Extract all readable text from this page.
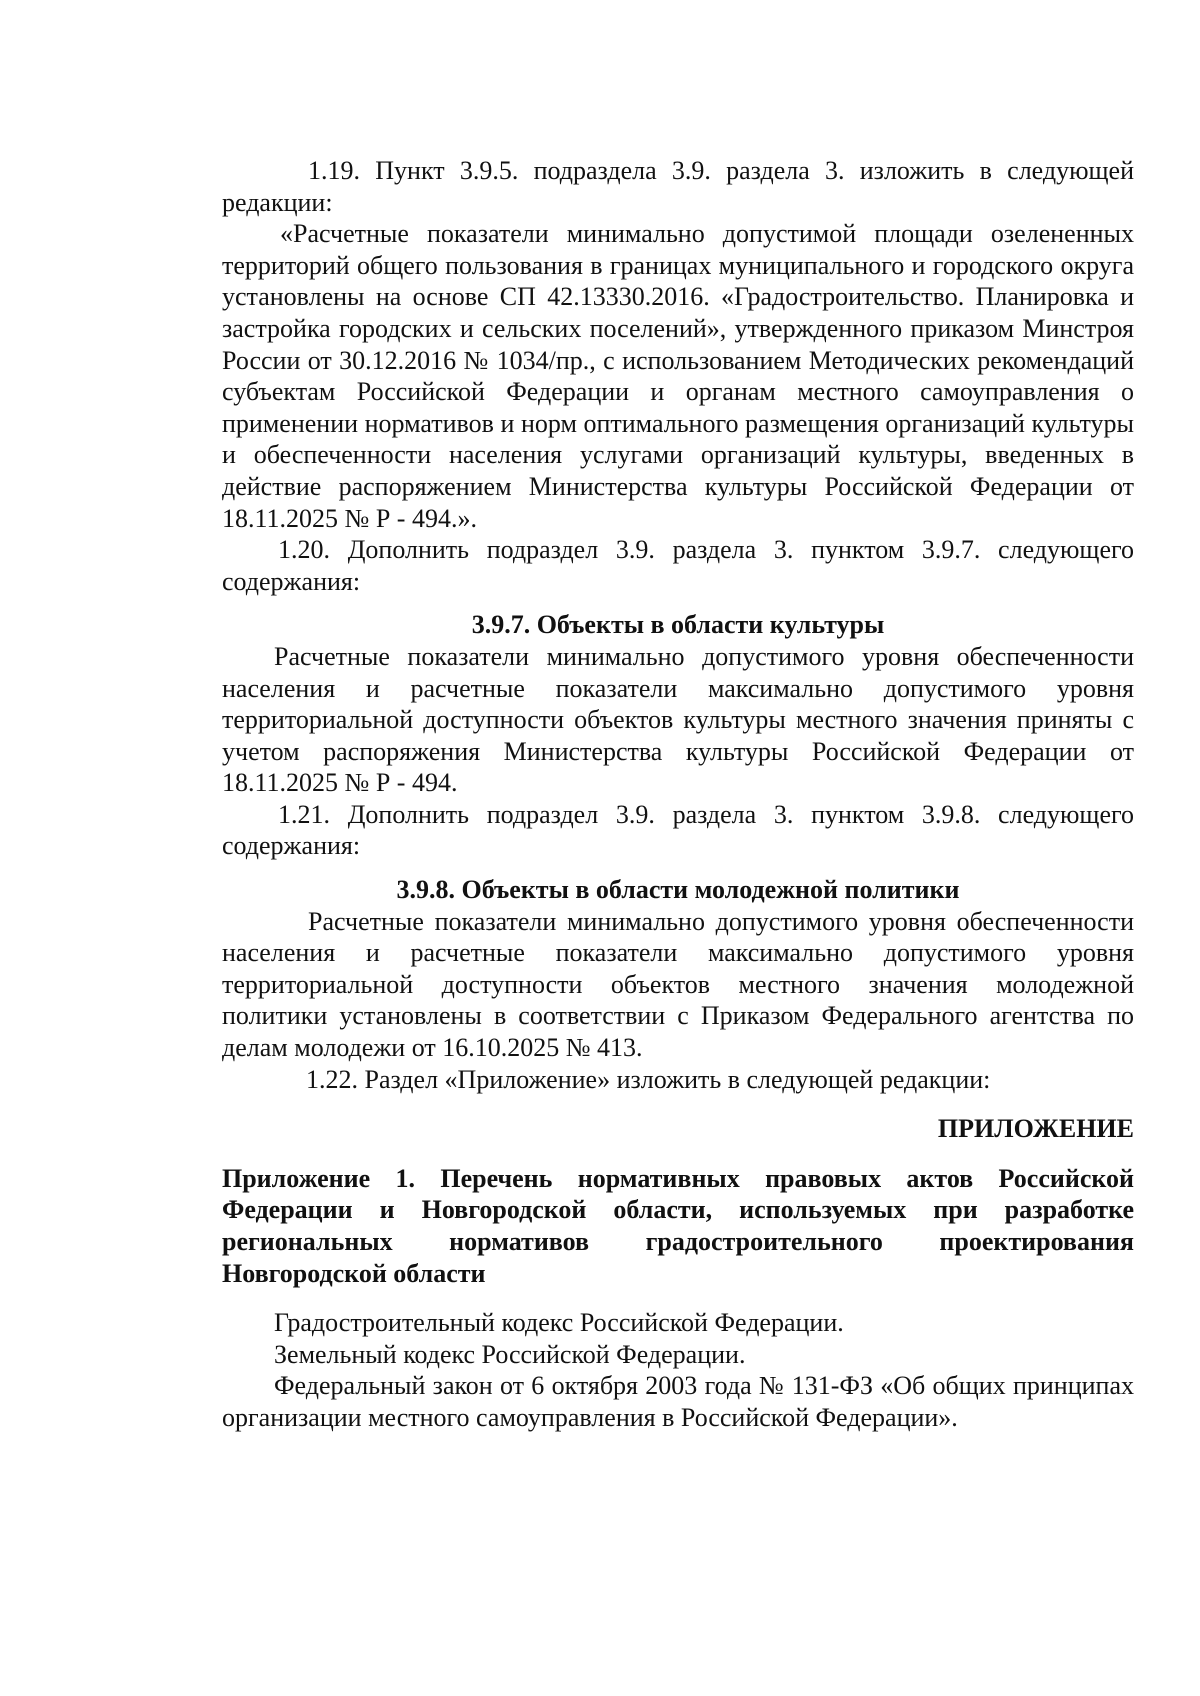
1.19. Пункт 3.9.5. подраздела 3.9. раздела 3. изложить в следующей редакции:

«Расчетные показатели минимально допустимой площади озелененных территорий общего пользования в границах муниципального и городского округа установлены на основе СП 42.13330.2016. «Градостроительство. Планировка и застройка городских и сельских поселений», утвержденного приказом Минстроя России от 30.12.2016 № 1034/пр., с использованием Методических рекомендаций субъектам Российской Федерации и органам местного самоуправления о применении нормативов и норм оптимального размещения организаций культуры и обеспеченности населения услугами организаций культуры, введенных в действие распоряжением Министерства культуры Российской Федерации от 18.11.2025 № Р - 494.».

1.20. Дополнить подраздел 3.9. раздела 3. пунктом 3.9.7. следующего содержания:

3.9.7. Объекты в области культуры

Расчетные показатели минимально допустимого уровня обеспеченности населения и расчетные показатели максимально допустимого уровня территориальной доступности объектов культуры местного значения приняты с учетом распоряжения Министерства культуры Российской Федерации от 18.11.2025 № Р - 494.

1.21. Дополнить подраздел 3.9. раздела 3. пунктом 3.9.8. следующего содержания:

3.9.8. Объекты в области молодежной политики

Расчетные показатели минимально допустимого уровня обеспеченности населения и расчетные показатели максимально допустимого уровня территориальной доступности объектов местного значения молодежной политики установлены в соответствии с Приказом Федерального агентства по делам молодежи от 16.10.2025 № 413.

1.22. Раздел «Приложение» изложить в следующей редакции:

ПРИЛОЖЕНИЕ

Приложение 1. Перечень нормативных правовых актов Российской Федерации и Новгородской области, используемых при разработке региональных нормативов градостроительного проектирования Новгородской области

Градостроительный кодекс Российской Федерации.

Земельный кодекс Российской Федерации.

Федеральный закон от 6 октября 2003 года № 131-ФЗ «Об общих принципах организации местного самоуправления в Российской Федерации».
